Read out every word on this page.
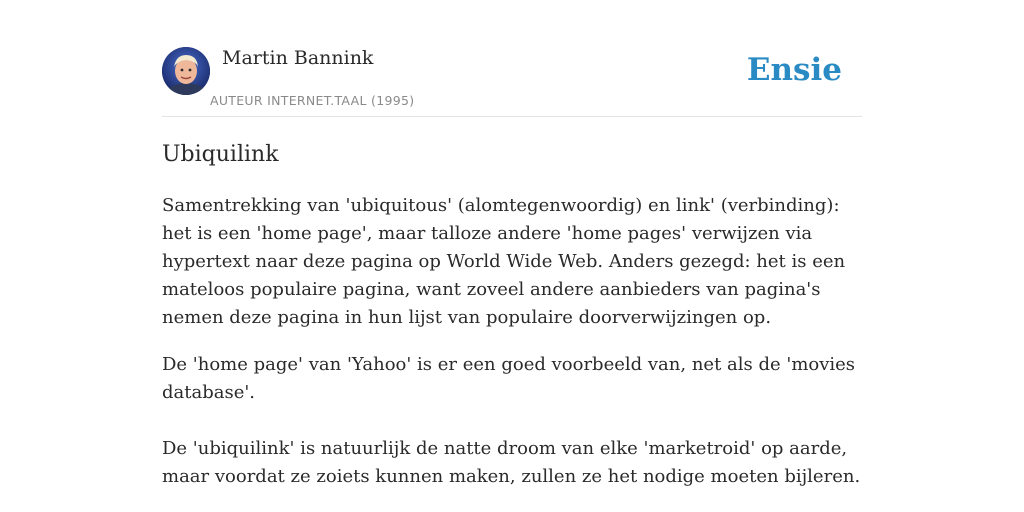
Martin Bannink
AUTEUR INTERNET.TAAL (1995)
Ensie
Ubiquilink

Samentrekking van 'ubiquitous' (alomtegenwoordig) en link' (verbinding): het is een 'home page', maar talloze andere 'home pages' verwijzen via hypertext naar deze pagina op World Wide Web. Anders gezegd: het is een mateloos populaire pagina, want zoveel andere aanbieders van pagina's nemen deze pagina in hun lijst van populaire doorverwijzingen op.

De 'home page' van 'Yahoo' is er een goed voorbeeld van, net als de 'movies database'.

De 'ubiquilink' is natuurlijk de natte droom van elke 'marketroid' op aarde, maar voordat ze zoiets kunnen maken, zullen ze het nodige moeten bijleren.
